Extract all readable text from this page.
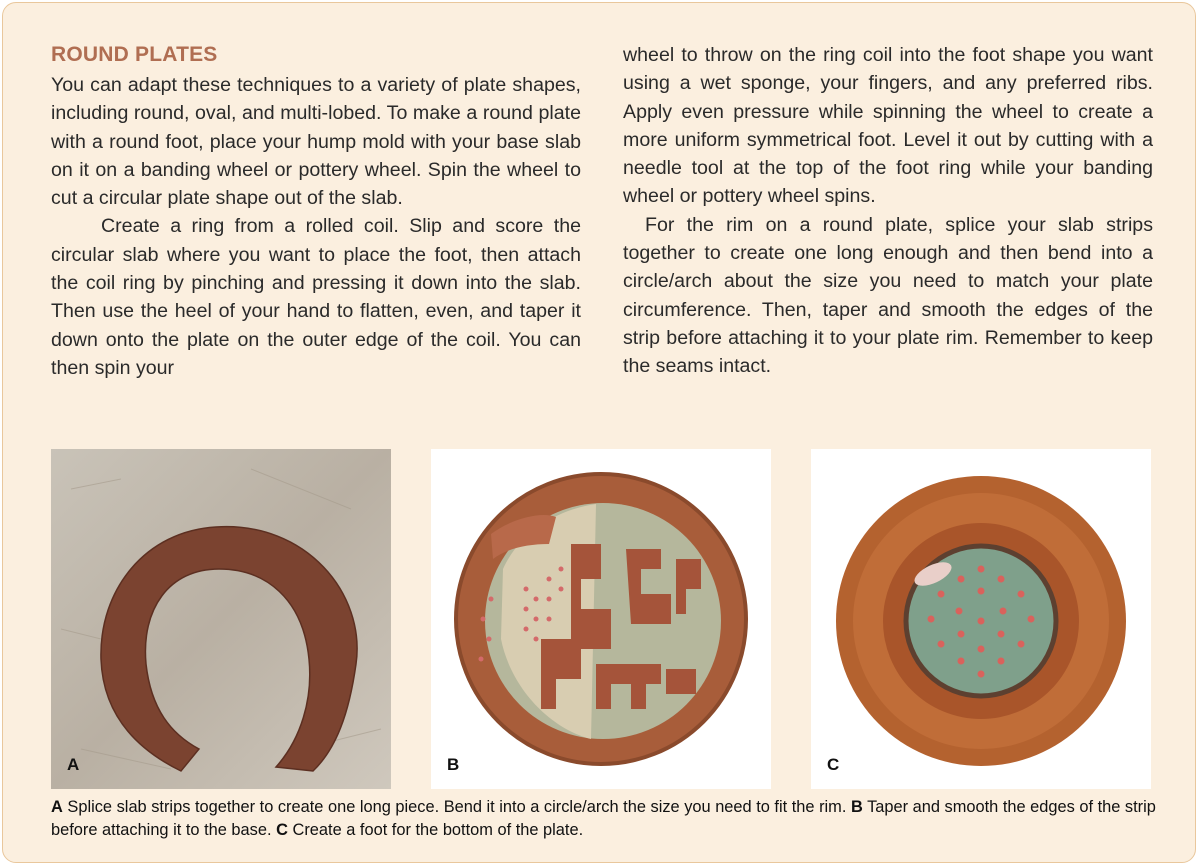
ROUND PLATES

You can adapt these techniques to a variety of plate shapes, including round, oval, and multi-lobed. To make a round plate with a round foot, place your hump mold with your base slab on it on a banding wheel or pottery wheel. Spin the wheel to cut a circular plate shape out of the slab.

Create a ring from a rolled coil. Slip and score the circular slab where you want to place the foot, then attach the coil ring by pinching and pressing it down into the slab. Then use the heel of your hand to flatten, even, and taper it down onto the plate on the outer edge of the coil. You can then spin your

wheel to throw on the ring coil into the foot shape you want using a wet sponge, your fingers, and any preferred ribs. Apply even pressure while spinning the wheel to create a more uniform symmetrical foot. Level it out by cutting with a needle tool at the top of the foot ring while your banding wheel or pottery wheel spins.

For the rim on a round plate, splice your slab strips together to create one long enough and then bend into a circle/arch about the size you need to match your plate circumference. Then, taper and smooth the edges of the strip before attaching it to your plate rim. Remember to keep the seams intact.

A	B	C
A Splice slab strips together to create one long piece. Bend it into a circle/arch the size you need to fit the rim. B Taper and smooth the edges of the strip before attaching it to the base. C Create a foot for the bottom of the plate.
